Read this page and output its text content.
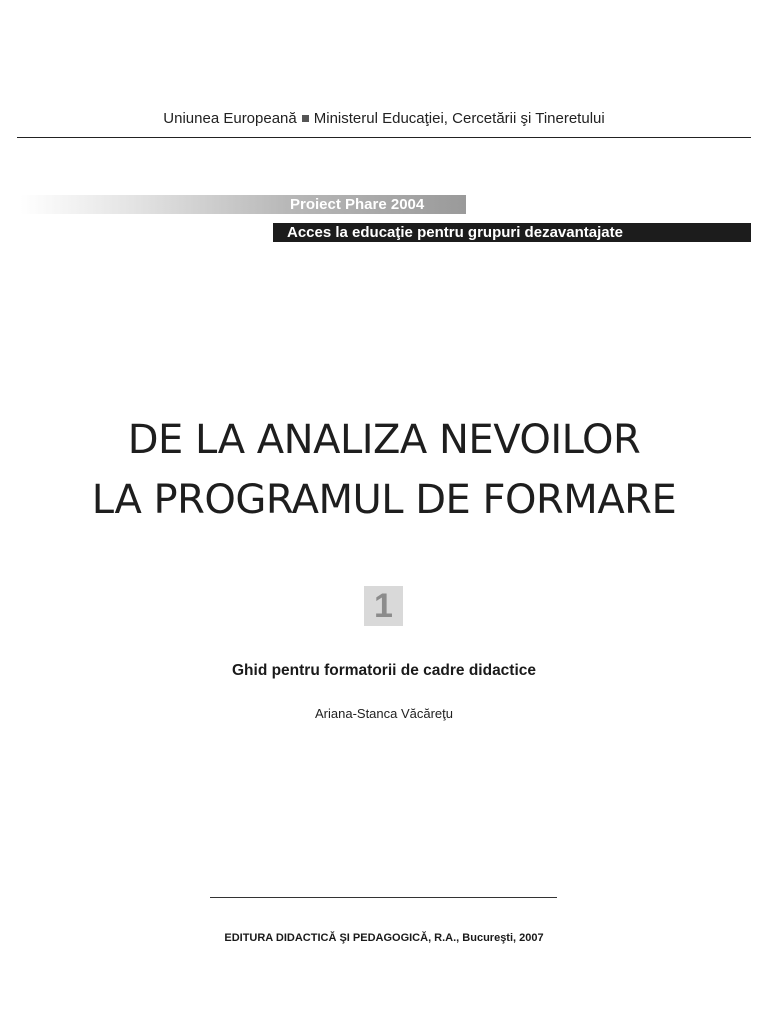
Uniunea Europeană Ministerul Educaţiei, Cercetării şi Tineretului
Proiect Phare 2004
Acces la educaţie pentru grupuri dezavantajate
DE LA ANALIZA NEVOILOR
LA PROGRAMUL DE FORMARE
1
Ghid pentru formatorii de cadre didactice
Ariana-Stanca Văcăreţu
EDITURA DIDACTICĂ ŞI PEDAGOGICĂ, R.A., Bucureşti, 2007
